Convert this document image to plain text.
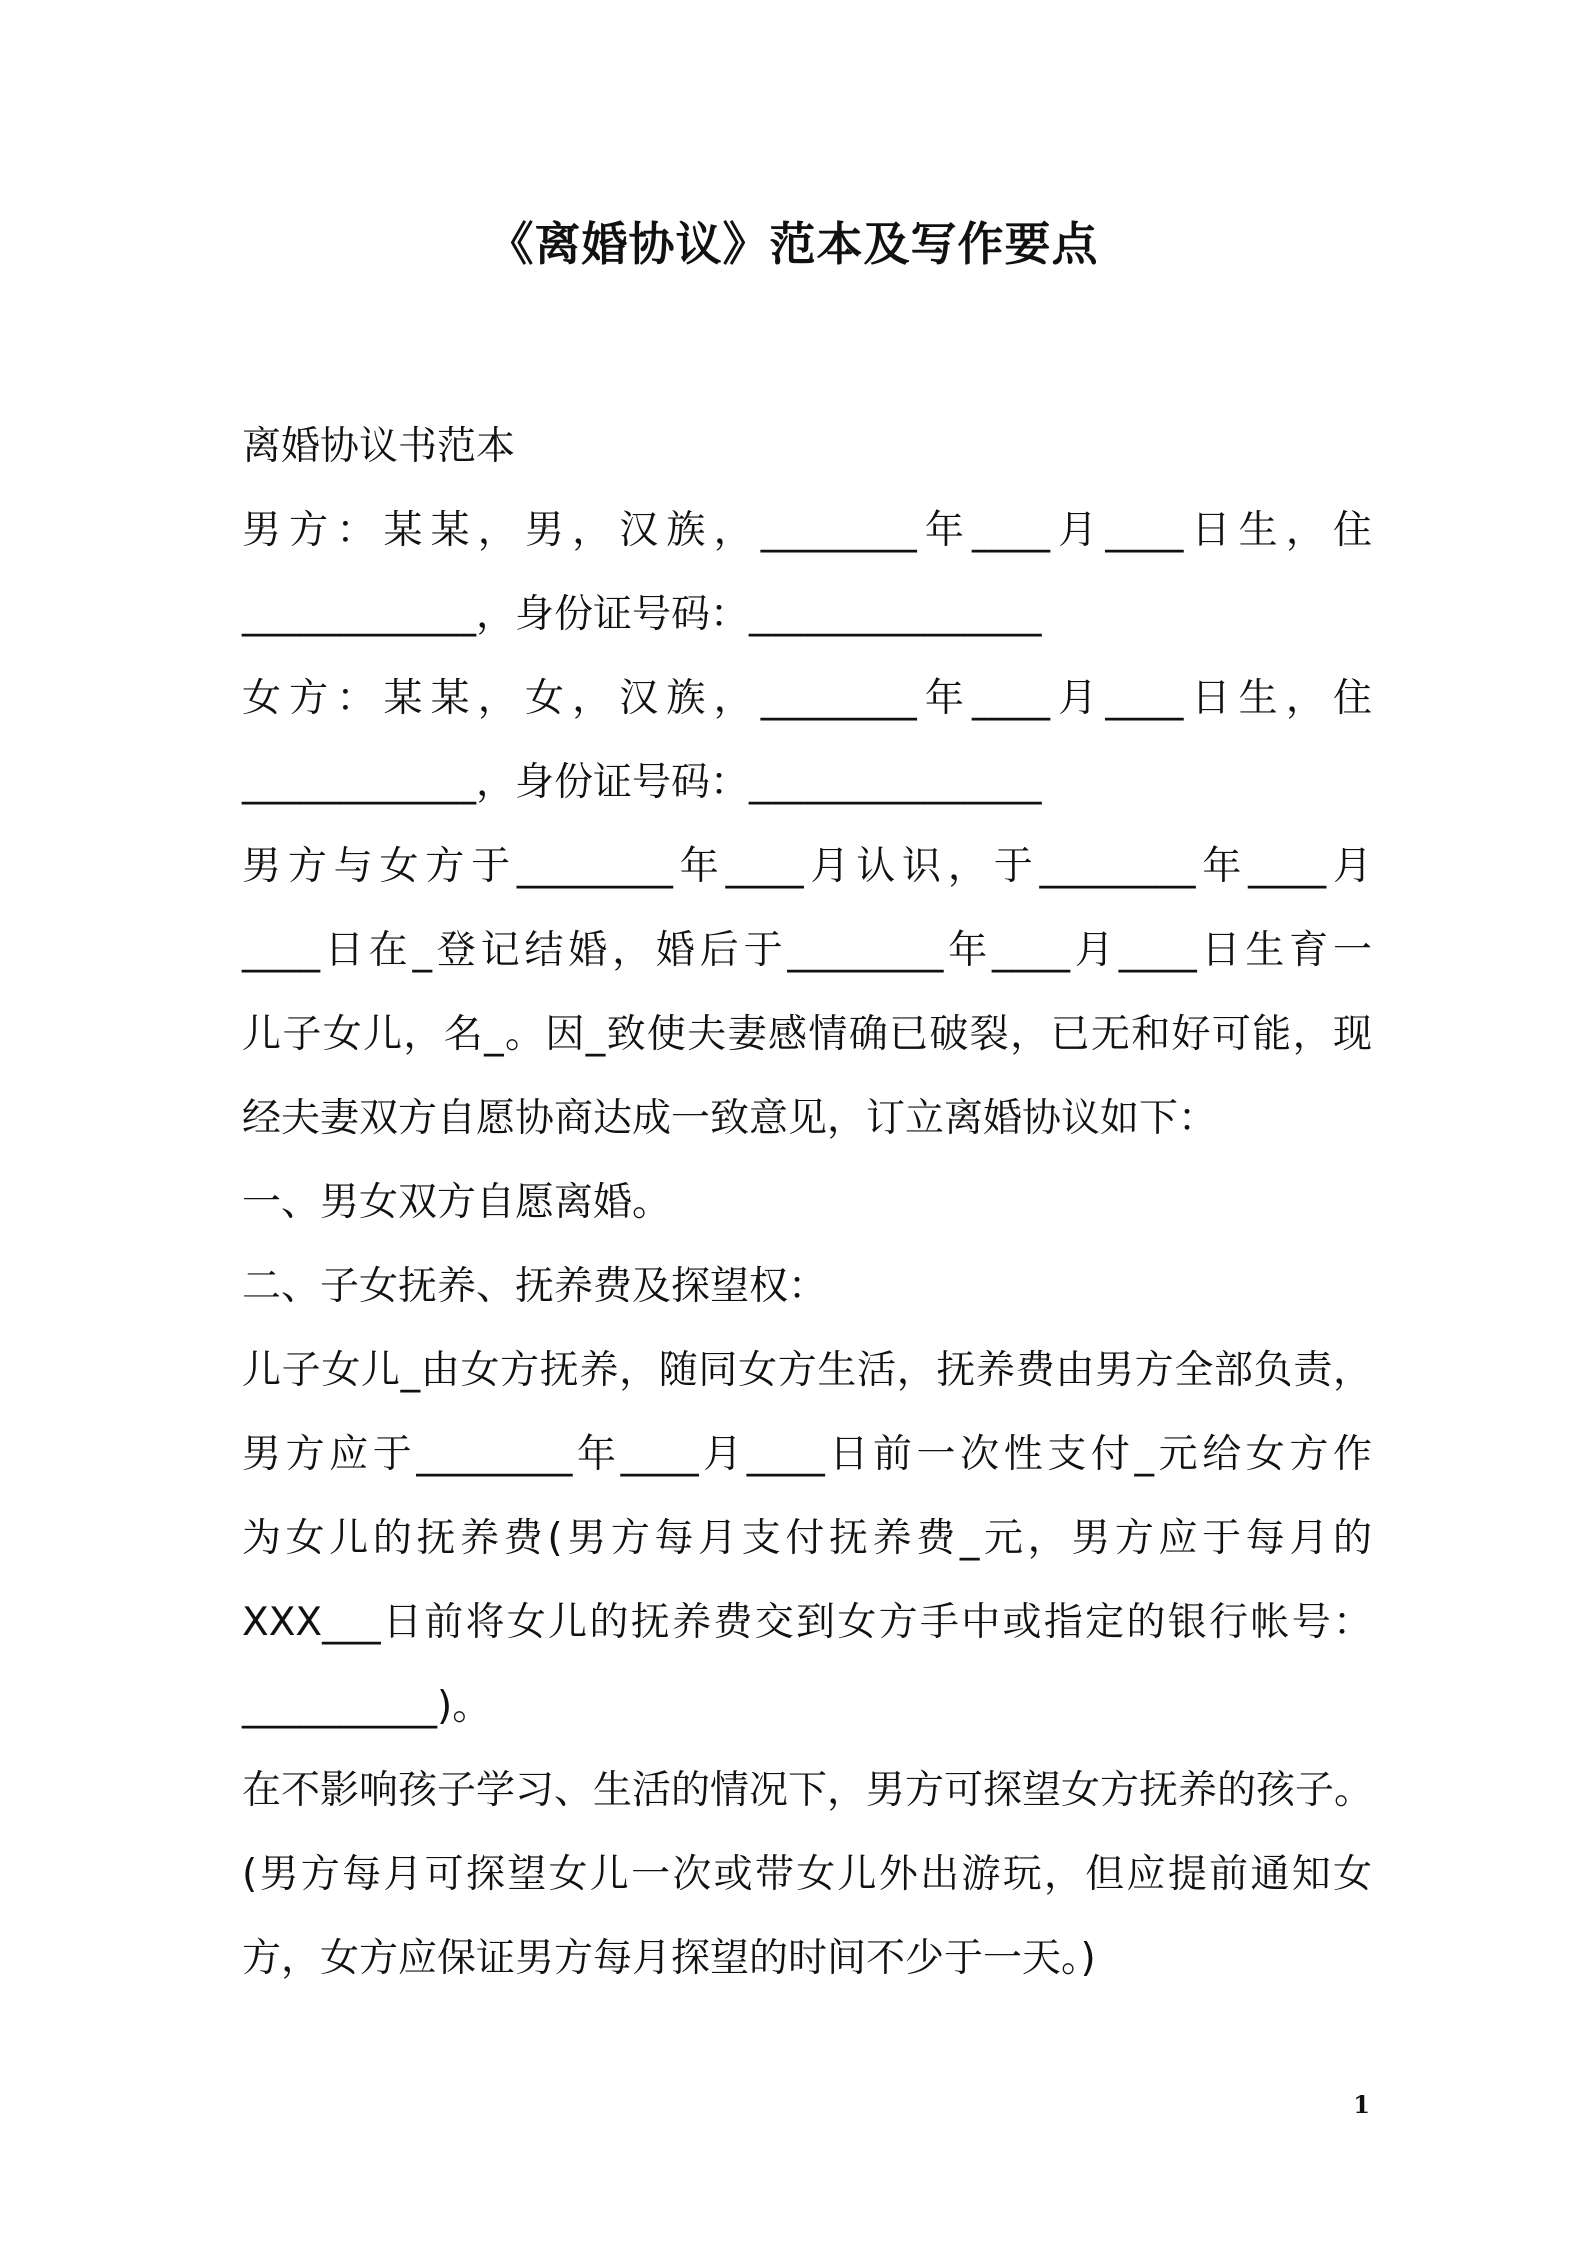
《离婚协议》范本及写作要点
离婚协议书范本
男方：某某，男，汉族，________年____月____日生，住
____________，身份证号码：_______________
女方：某某，女，汉族，________年____月____日生，住
____________，身份证号码：_______________
男方与女方于________年____月认识，于________年____月
____日在_登记结婚，婚后于________年____月____日生育一
儿子女儿，名_。因_致使夫妻感情确已破裂，已无和好可能，现
经夫妻双方自愿协商达成一致意见，订立离婚协议如下：
一、男女双方自愿离婚。
二、子女抚养、抚养费及探望权：
儿子女儿_由女方抚养，随同女方生活，抚养费由男方全部负责，
男方应于________年____月____日前一次性支付_元给女方作
为女儿的抚养费(男方每月支付抚养费_元，男方应于每月的
XXX___日前将女儿的抚养费交到女方手中或指定的银行帐号：
__________)。
在不影响孩子学习、生活的情况下，男方可探望女方抚养的孩子。
(男方每月可探望女儿一次或带女儿外出游玩，但应提前通知女
方，女方应保证男方每月探望的时间不少于一天。)
1
